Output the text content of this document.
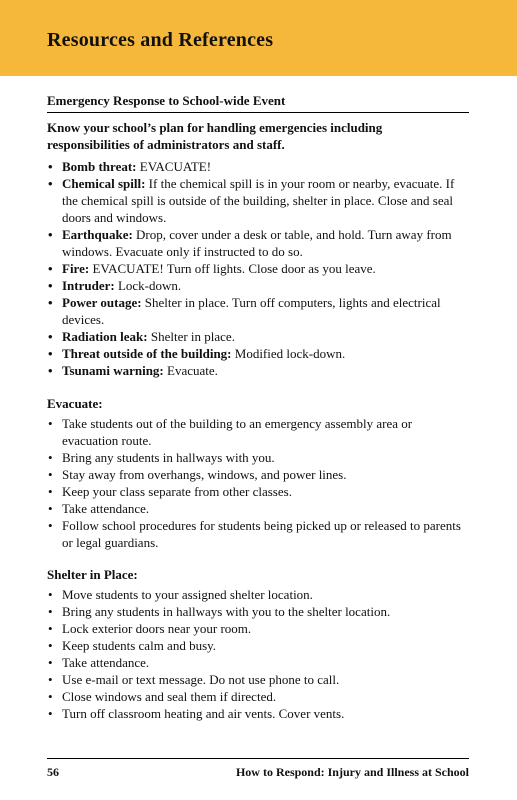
Resources and References
Emergency Response to School-wide Event
Know your school’s plan for handling emergencies including responsibilities of administrators and staff.
• Bomb threat: EVACUATE!
• Chemical spill: If the chemical spill is in your room or nearby, evacuate. If the chemical spill is outside of the building, shelter in place. Close and seal doors and windows.
• Earthquake: Drop, cover under a desk or table, and hold. Turn away from windows. Evacuate only if instructed to do so.
• Fire: EVACUATE! Turn off lights. Close door as you leave.
• Intruder: Lock-down.
• Power outage: Shelter in place. Turn off computers, lights and electrical devices.
• Radiation leak: Shelter in place.
• Threat outside of the building: Modified lock-down.
• Tsunami warning: Evacuate.
Evacuate:
• Take students out of the building to an emergency assembly area or evacuation route.
• Bring any students in hallways with you.
• Stay away from overhangs, windows, and power lines.
• Keep your class separate from other classes.
• Take attendance.
• Follow school procedures for students being picked up or released to parents or legal guardians.
Shelter in Place:
• Move students to your assigned shelter location.
• Bring any students in hallways with you to the shelter location.
• Lock exterior doors near your room.
• Keep students calm and busy.
• Take attendance.
• Use e-mail or text message. Do not use phone to call.
• Close windows and seal them if directed.
• Turn off classroom heating and air vents. Cover vents.
56	How to Respond: Injury and Illness at School
